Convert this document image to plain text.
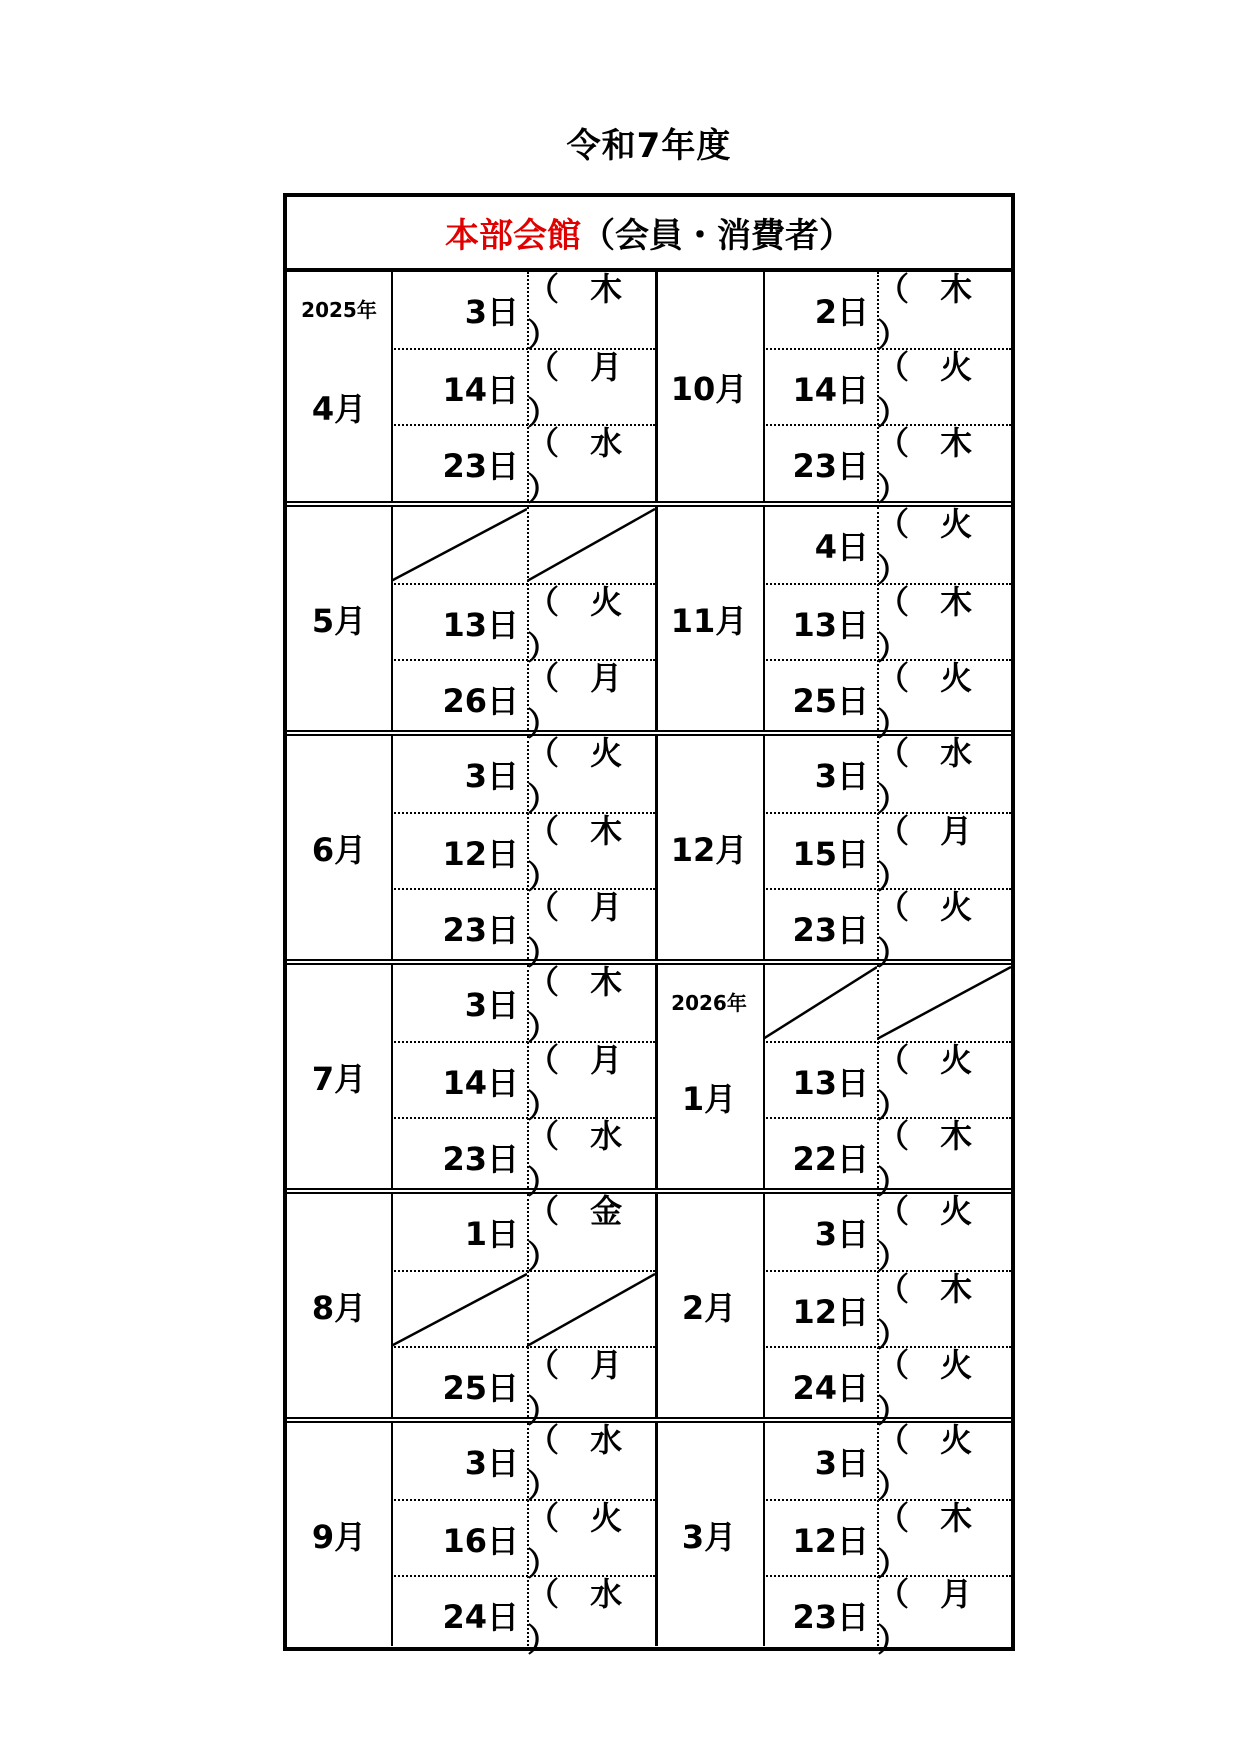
令和7年度
本部会館 （会員・消費者）
2025年
4月
3日
（ 木 ）
14日
（ 月 ）
23日
（ 水 ）
10月
2日
（ 木 ）
14日
（ 火 ）
23日
（ 木 ）
5月	13日
（ 火 ）
26日
（ 月 ）
11月
4日
（ 火 ）
13日
（ 木 ）
25日
（ 火 ）
6月
3日
（ 火 ）
12日
（ 木 ）
23日
（ 月 ）
12月
3日
（ 水 ）
15日
（ 月 ）
23日
（ 火 ）
7月
3日
（ 木 ）
14日
（ 月 ）
23日
（ 水 ）
2026年
1月	13日
（ 火 ）
22日
（ 木 ）
8月
1日
（ 金 ）
25日
（ 月 ）
2月
3日
（ 火 ）
12日
（ 木 ）
24日
（ 火 ）
9月
3日
（ 水 ）
16日
（ 火 ）
24日
（ 水 ）
3月
3日
（ 火 ）
12日
（ 木 ）
23日
（ 月 ）
